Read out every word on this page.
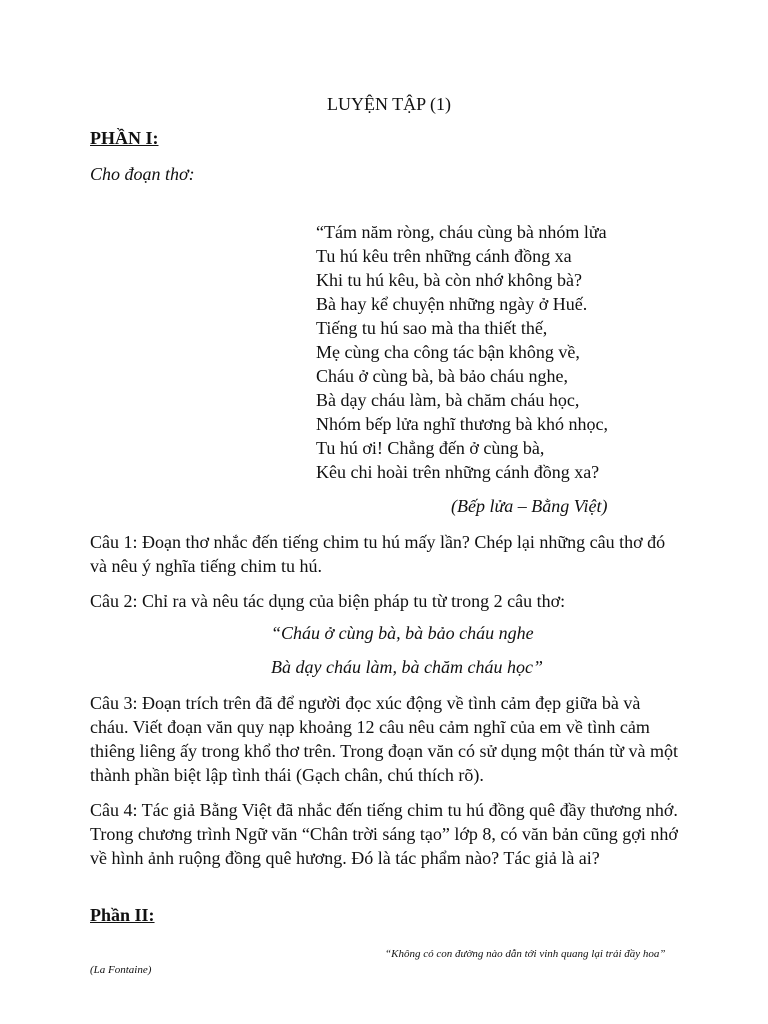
LUYỆN TẬP (1)
PHẦN I:
Cho đoạn thơ:
“Tám năm ròng, cháu cùng bà nhóm lửa
Tu hú kêu trên những cánh đồng xa
Khi tu hú kêu, bà còn nhớ không bà?
Bà hay kể chuyện những ngày ở Huế.
Tiếng tu hú sao mà tha thiết thế,
Mẹ cùng cha công tác bận không về,
Cháu ở cùng bà, bà bảo cháu nghe,
Bà dạy cháu làm, bà chăm cháu học,
Nhóm bếp lửa nghĩ thương bà khó nhọc,
Tu hú ơi! Chẳng đến ở cùng bà,
Kêu chi hoài trên những cánh đồng xa?
(Bếp lửa – Bằng Việt)
Câu 1: Đoạn thơ nhắc đến tiếng chim tu hú mấy lần? Chép lại những câu thơ đó và nêu ý nghĩa tiếng chim tu hú.
Câu 2: Chỉ ra và nêu tác dụng của biện pháp tu từ trong 2 câu thơ:
“Cháu ở cùng bà, bà bảo cháu nghe
Bà dạy cháu làm, bà chăm cháu học”
Câu 3: Đoạn trích trên đã để người đọc xúc động về tình cảm đẹp giữa bà và cháu. Viết đoạn văn quy nạp khoảng 12 câu nêu cảm nghĩ của em về tình cảm thiêng liêng ấy trong khổ thơ trên. Trong đoạn văn có sử dụng một thán từ và một thành phần biệt lập tình thái (Gạch chân, chú thích rõ).
Câu 4: Tác giả Bằng Việt đã nhắc đến tiếng chim tu hú đồng quê đầy thương nhớ. Trong chương trình Ngữ văn “Chân trời sáng tạo” lớp 8, có văn bản cũng gợi nhớ về hình ảnh ruộng đồng quê hương. Đó là tác phẩm nào? Tác giả là ai?
Phần II:
“Không có con đường nào dẫn tới vinh quang lại trải đầy hoa” (La Fontaine)
